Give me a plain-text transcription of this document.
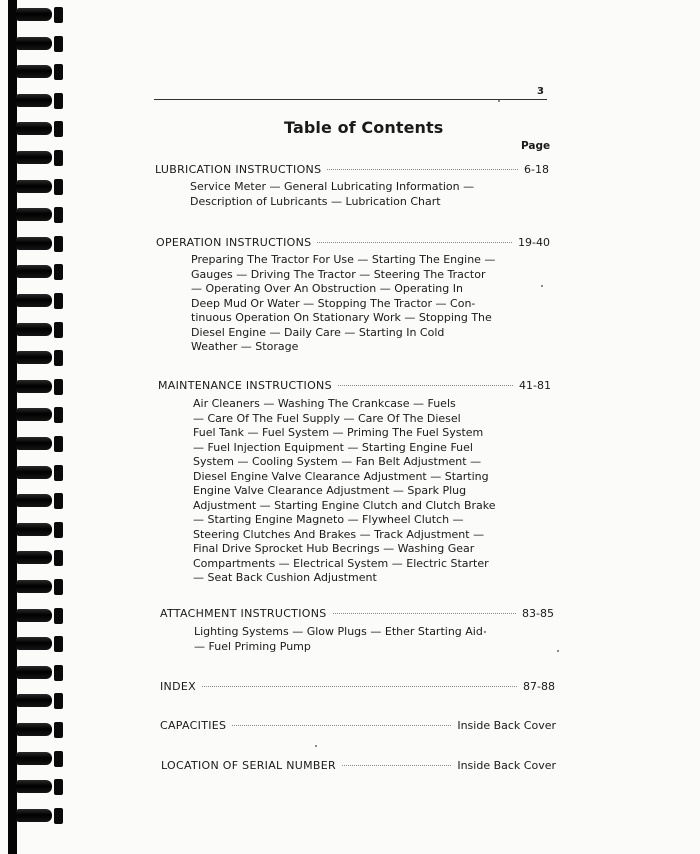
3
Table of Contents
Page
LUBRICATION INSTRUCTIONS	6-18
Service Meter — General Lubricating Information —
Description of Lubricants — Lubrication Chart
OPERATION INSTRUCTIONS	19-40
Preparing The Tractor For Use — Starting The Engine —
Gauges — Driving The Tractor — Steering The Tractor
— Operating Over An Obstruction — Operating In
Deep Mud Or Water — Stopping The Tractor — Con-
tinuous Operation On Stationary Work — Stopping The
Diesel Engine — Daily Care — Starting In Cold
Weather — Storage
MAINTENANCE INSTRUCTIONS	41-81
Air Cleaners — Washing The Crankcase — Fuels
— Care Of The Fuel Supply — Care Of The Diesel
Fuel Tank — Fuel System — Priming The Fuel System
— Fuel Injection Equipment — Starting Engine Fuel
System — Cooling System — Fan Belt Adjustment —
Diesel Engine Valve Clearance Adjustment — Starting
Engine Valve Clearance Adjustment — Spark Plug
Adjustment — Starting Engine Clutch and Clutch Brake
— Starting Engine Magneto — Flywheel Clutch —
Steering Clutches And Brakes — Track Adjustment —
Final Drive Sprocket Hub Becrings — Washing Gear
Compartments — Electrical System — Electric Starter
— Seat Back Cushion Adjustment
ATTACHMENT INSTRUCTIONS	83-85
Lighting Systems — Glow Plugs — Ether Starting Aid
— Fuel Priming Pump
INDEX	87-88
CAPACITIES	Inside Back Cover
LOCATION OF SERIAL NUMBER	Inside Back Cover
